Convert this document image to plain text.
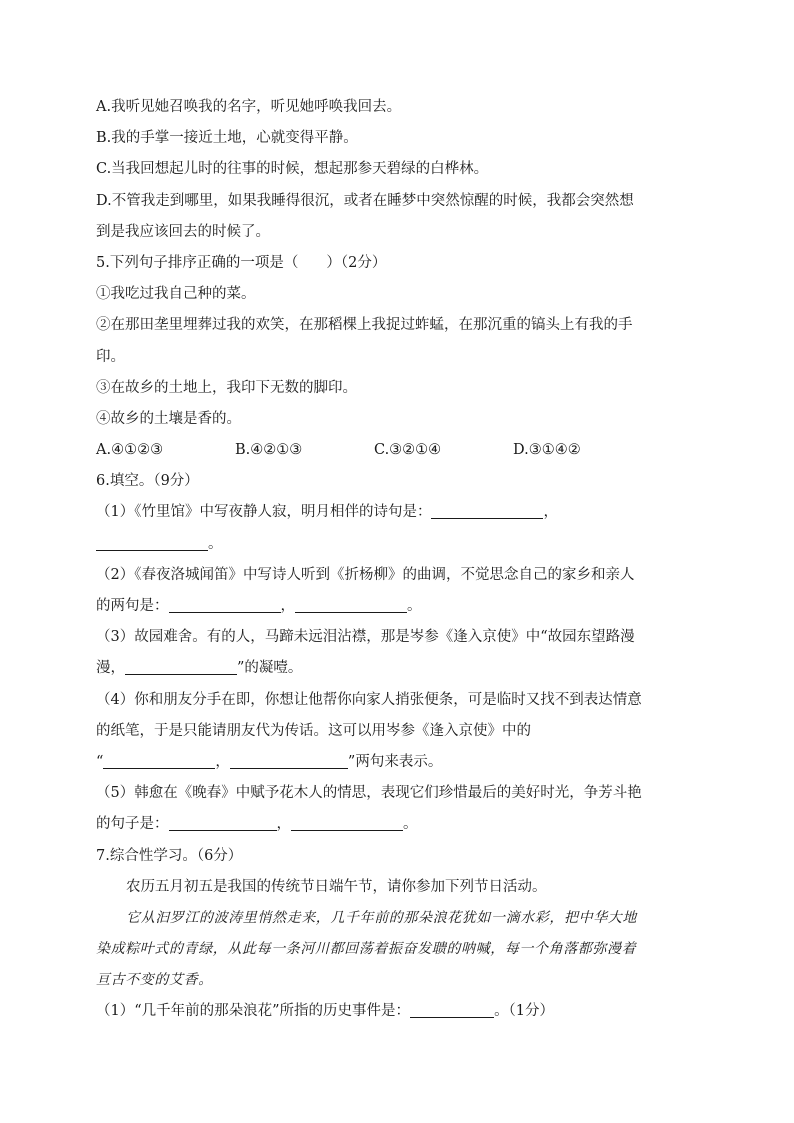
A.我听见她召唤我的名字，听见她呼唤我回去。
B.我的手掌一接近土地，心就变得平静。
C.当我回想起儿时的往事的时候，想起那参天碧绿的白桦林。
D.不管我走到哪里，如果我睡得很沉，或者在睡梦中突然惊醒的时候，我都会突然想
到是我应该回去的时候了。
5.下列句子排序正确的一项是（ ）（2分）
①我吃过我自己种的菜。
②在那田垄里埋葬过我的欢笑，在那稻棵上我捉过蚱蜢，在那沉重的镐头上有我的手
印。
③在故乡的土地上，我印下无数的脚印。
④故乡的土壤是香的。
A.④①②③	B.④②①③	C.③②①④	D.③①④②
6.填空。（9分）
（1）《竹里馆》中写夜静人寂，明月相伴的诗句是：	，
。
（2）《春夜洛城闻笛》中写诗人听到《折杨柳》的曲调，不觉思念自己的家乡和亲人
的两句是：	，	。
（3）故园难舍。有的人，马蹄未远泪沾襟，那是岑参《逢入京使》中“故园东望路漫
漫，	”的凝噎。
（4）你和朋友分手在即，你想让他帮你向家人捎张便条，可是临时又找不到表达情意
的纸笔，于是只能请朋友代为传话。这可以用岑参《逢入京使》中的
“	，	”两句来表示。
（5）韩愈在《晚春》中赋予花木人的情思，表现它们珍惜最后的美好时光，争芳斗艳
的句子是：	，	。
7.综合性学习。（6分）
农历五月初五是我国的传统节日端午节，请你参加下列节日活动。
它从汩罗江的波涛里悄然走来，几千年前的那朵浪花犹如一滴水彩，把中华大地
染成粽叶式的青绿，从此每一条河川都回荡着振奋发聩的呐喊，每一个角落都弥漫着
亘古不变的艾香。
（1）“几千年前的那朵浪花”所指的历史事件是：	。（1分）
